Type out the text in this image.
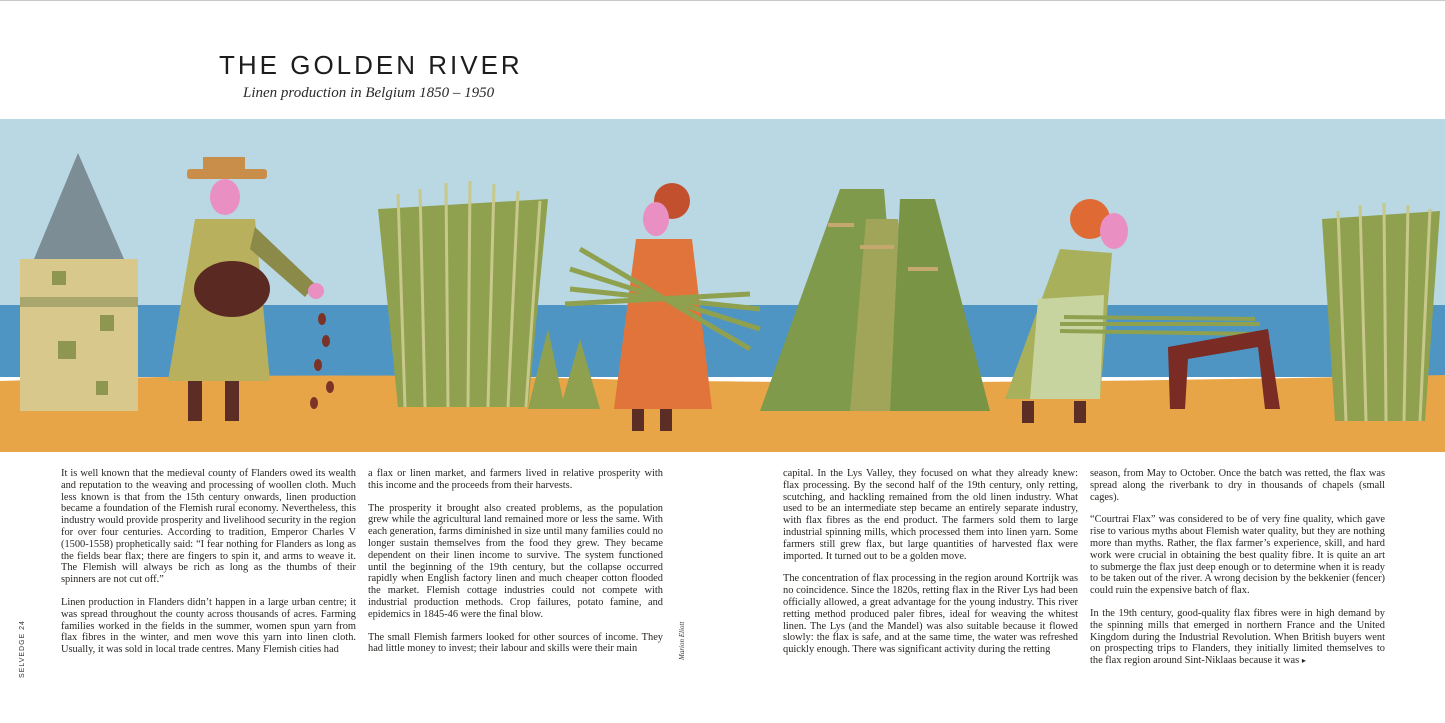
THE GOLDEN RIVER

Linen production in Belgium 1850 – 1950

It is well known that the medieval county of Flanders owed its wealth and reputation to the weaving and processing of woollen cloth. Much less known is that from the 15th century onwards, linen production became a foundation of the Flemish rural economy. Nevertheless, this industry would provide prosperity and livelihood security in the region for over four centuries. According to tradition, Emperor Charles V (1500-1558) prophetically said: “I fear nothing for Flanders as long as the fields bear flax; there are fingers to spin it, and arms to weave it. The Flemish will always be rich as long as the thumbs of their spinners are not cut off.”

Linen production in Flanders didn’t happen in a large urban centre; it was spread throughout the county across thousands of acres. Farming families worked in the fields in the summer, women spun yarn from flax fibres in the winter, and men wove this yarn into linen cloth. Usually, it was sold in local trade centres. Many Flemish cities had

a flax or linen market, and farmers lived in relative prosperity with this income and the proceeds from their harvests.

The prosperity it brought also created problems, as the population grew while the agricultural land remained more or less the same. With each generation, farms diminished in size until many families could no longer sustain themselves from the food they grew. They became dependent on their linen income to survive. The system functioned until the beginning of the 19th century, but the collapse occurred rapidly when English factory linen and much cheaper cotton flooded the market. Flemish cottage industries could not compete with industrial production methods. Crop failures, potato famine, and epidemics in 1845-46 were the final blow.

The small Flemish farmers looked for other sources of income. They had little money to invest; their labour and skills were their main

capital. In the Lys Valley, they focused on what they already knew: flax processing. By the second half of the 19th century, only retting, scutching, and hackling remained from the old linen industry. What used to be an intermediate step became an entirely separate industry, with flax fibres as the end product. The farmers sold them to large industrial spinning mills, which processed them into linen yarn. Some farmers still grew flax, but large quantities of harvested flax were imported. It turned out to be a golden move.

The concentration of flax processing in the region around Kortrijk was no coincidence. Since the 1820s, retting flax in the River Lys had been officially allowed, a great advantage for the young industry. This river retting method produced paler fibres, ideal for weaving the whitest linen. The Lys (and the Mandel) was also suitable because it flowed slowly: the flax is safe, and at the same time, the water was refreshed quickly enough. There was significant activity during the retting

season, from May to October. Once the batch was retted, the flax was spread along the riverbank to dry in thousands of chapels (small cages).

“Courtrai Flax” was considered to be of very fine quality, which gave rise to various myths about Flemish water quality, but they are nothing more than myths. Rather, the flax farmer’s experience, skill, and hard work were crucial in obtaining the best quality fibre. It is quite an art to submerge the flax just deep enough or to determine when it is ready to be taken out of the river. A wrong decision by the bekkenier (fencer) could ruin the expensive batch of flax.

In the 19th century, good-quality flax fibres were in high demand by the spinning mills that emerged in northern France and the United Kingdom during the Industrial Revolution. When British buyers went on prospecting trips to Flanders, they initially limited themselves to the flax region around Sint-Niklaas because it was ▸

SELVEDGE 24	Marion Eliott
